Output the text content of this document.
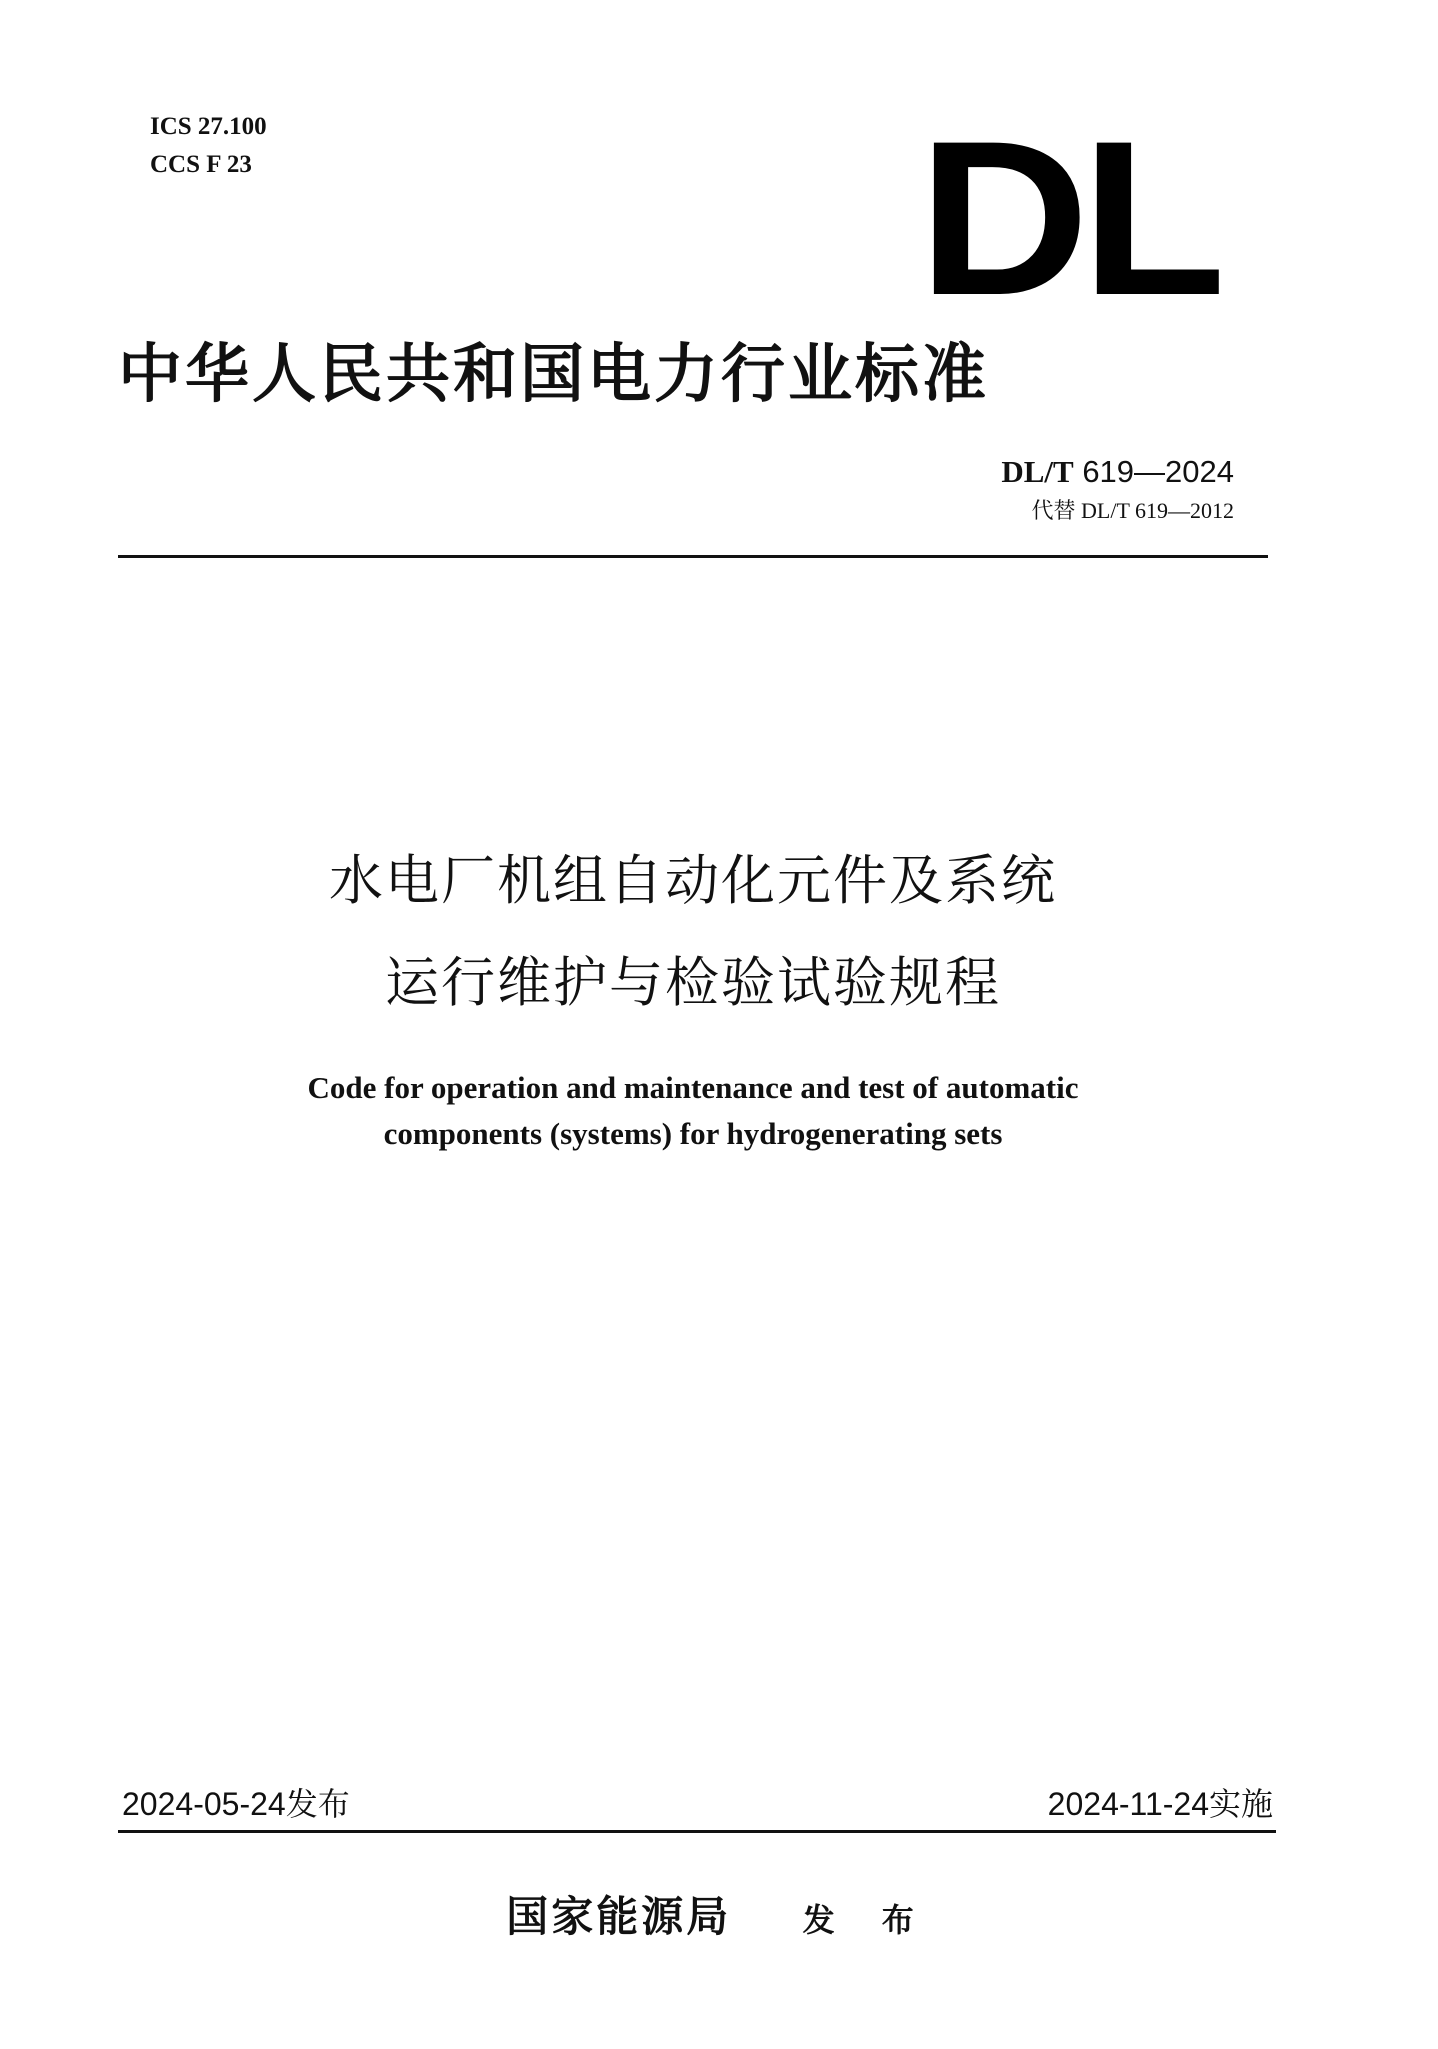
ICS 27.100
CCS F 23	DL
中华人民共和国电力行业标准
DL/T 619—2024
代替 DL/T 619—2012
水电厂机组自动化元件及系统
运行维护与检验试验规程
Code for operation and maintenance and test of automatic
components (systems) for hydrogenerating sets
2024-05-24发布	2024-11-24实施
国家能源局 发 布
